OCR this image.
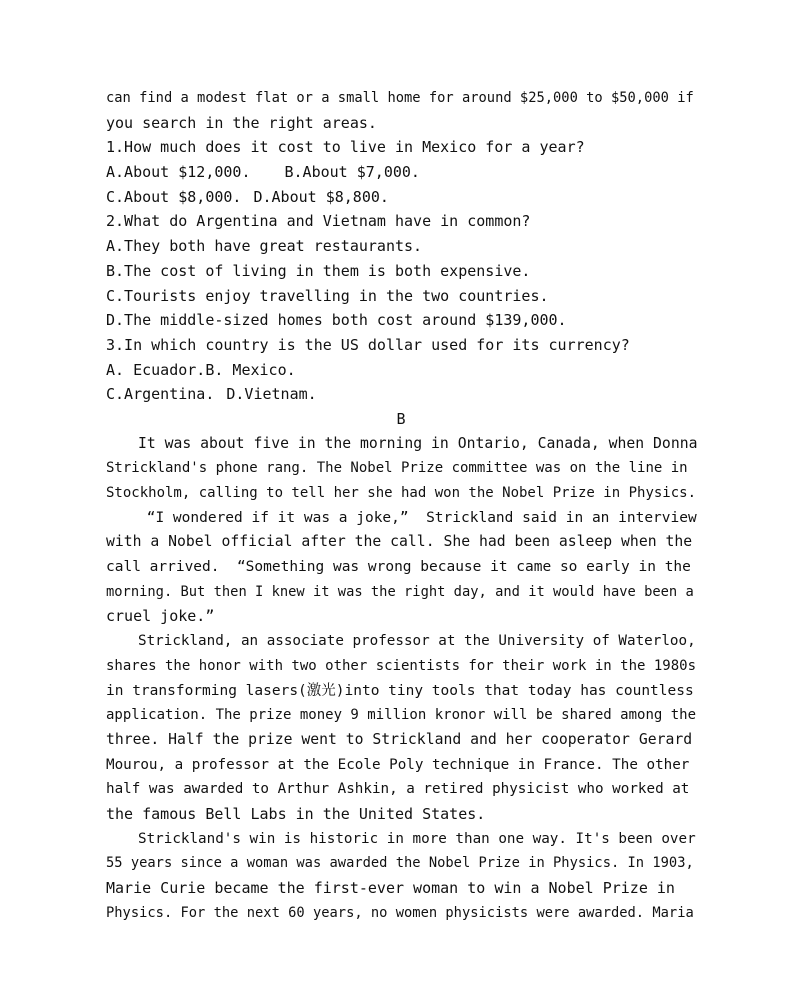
can find a modest flat or a small home for around $25,000 to $50,000 if
you search in the right areas.
1.How much does it cost to live in Mexico for a year?
A.About $12,000. B.About $7,000.
C.About $8,000. D.About $8,800.
2.What do Argentina and Vietnam have in common?
A.They both have great restaurants.
B.The cost of living in them is both expensive.
C.Tourists enjoy travelling in the two countries.
D.The middle-sized homes both cost around $139,000.
3.In which country is the US dollar used for its currency?
A. Ecuador.B. Mexico.
C.Argentina. D.Vietnam.
B
It was about five in the morning in Ontario, Canada, when Donna
Strickland's phone rang. The Nobel Prize committee was on the line in
Stockholm, calling to tell her she had won the Nobel Prize in Physics.
“I wondered if it was a joke,”  Strickland said in an interview
with a Nobel official after the call. She had been asleep when the
call arrived.  “Something was wrong because it came so early in the
morning. But then I knew it was the right day, and it would have been a
cruel joke.”
Strickland, an associate professor at the University of Waterloo,
shares the honor with two other scientists for their work in the 1980s
in transforming lasers(激光)into tiny tools that today has countless
application. The prize money 9 million kronor will be shared among the
three. Half the prize went to Strickland and her cooperator Gerard
Mourou, a professor at the Ecole Poly technique in France. The other
half was awarded to Arthur Ashkin, a retired physicist who worked at
the famous Bell Labs in the United States.
Strickland's win is historic in more than one way. It's been over
55 years since a woman was awarded the Nobel Prize in Physics. In 1903,
Marie Curie became the first-ever woman to win a Nobel Prize in
Physics. For the next 60 years, no women physicists were awarded. Maria
